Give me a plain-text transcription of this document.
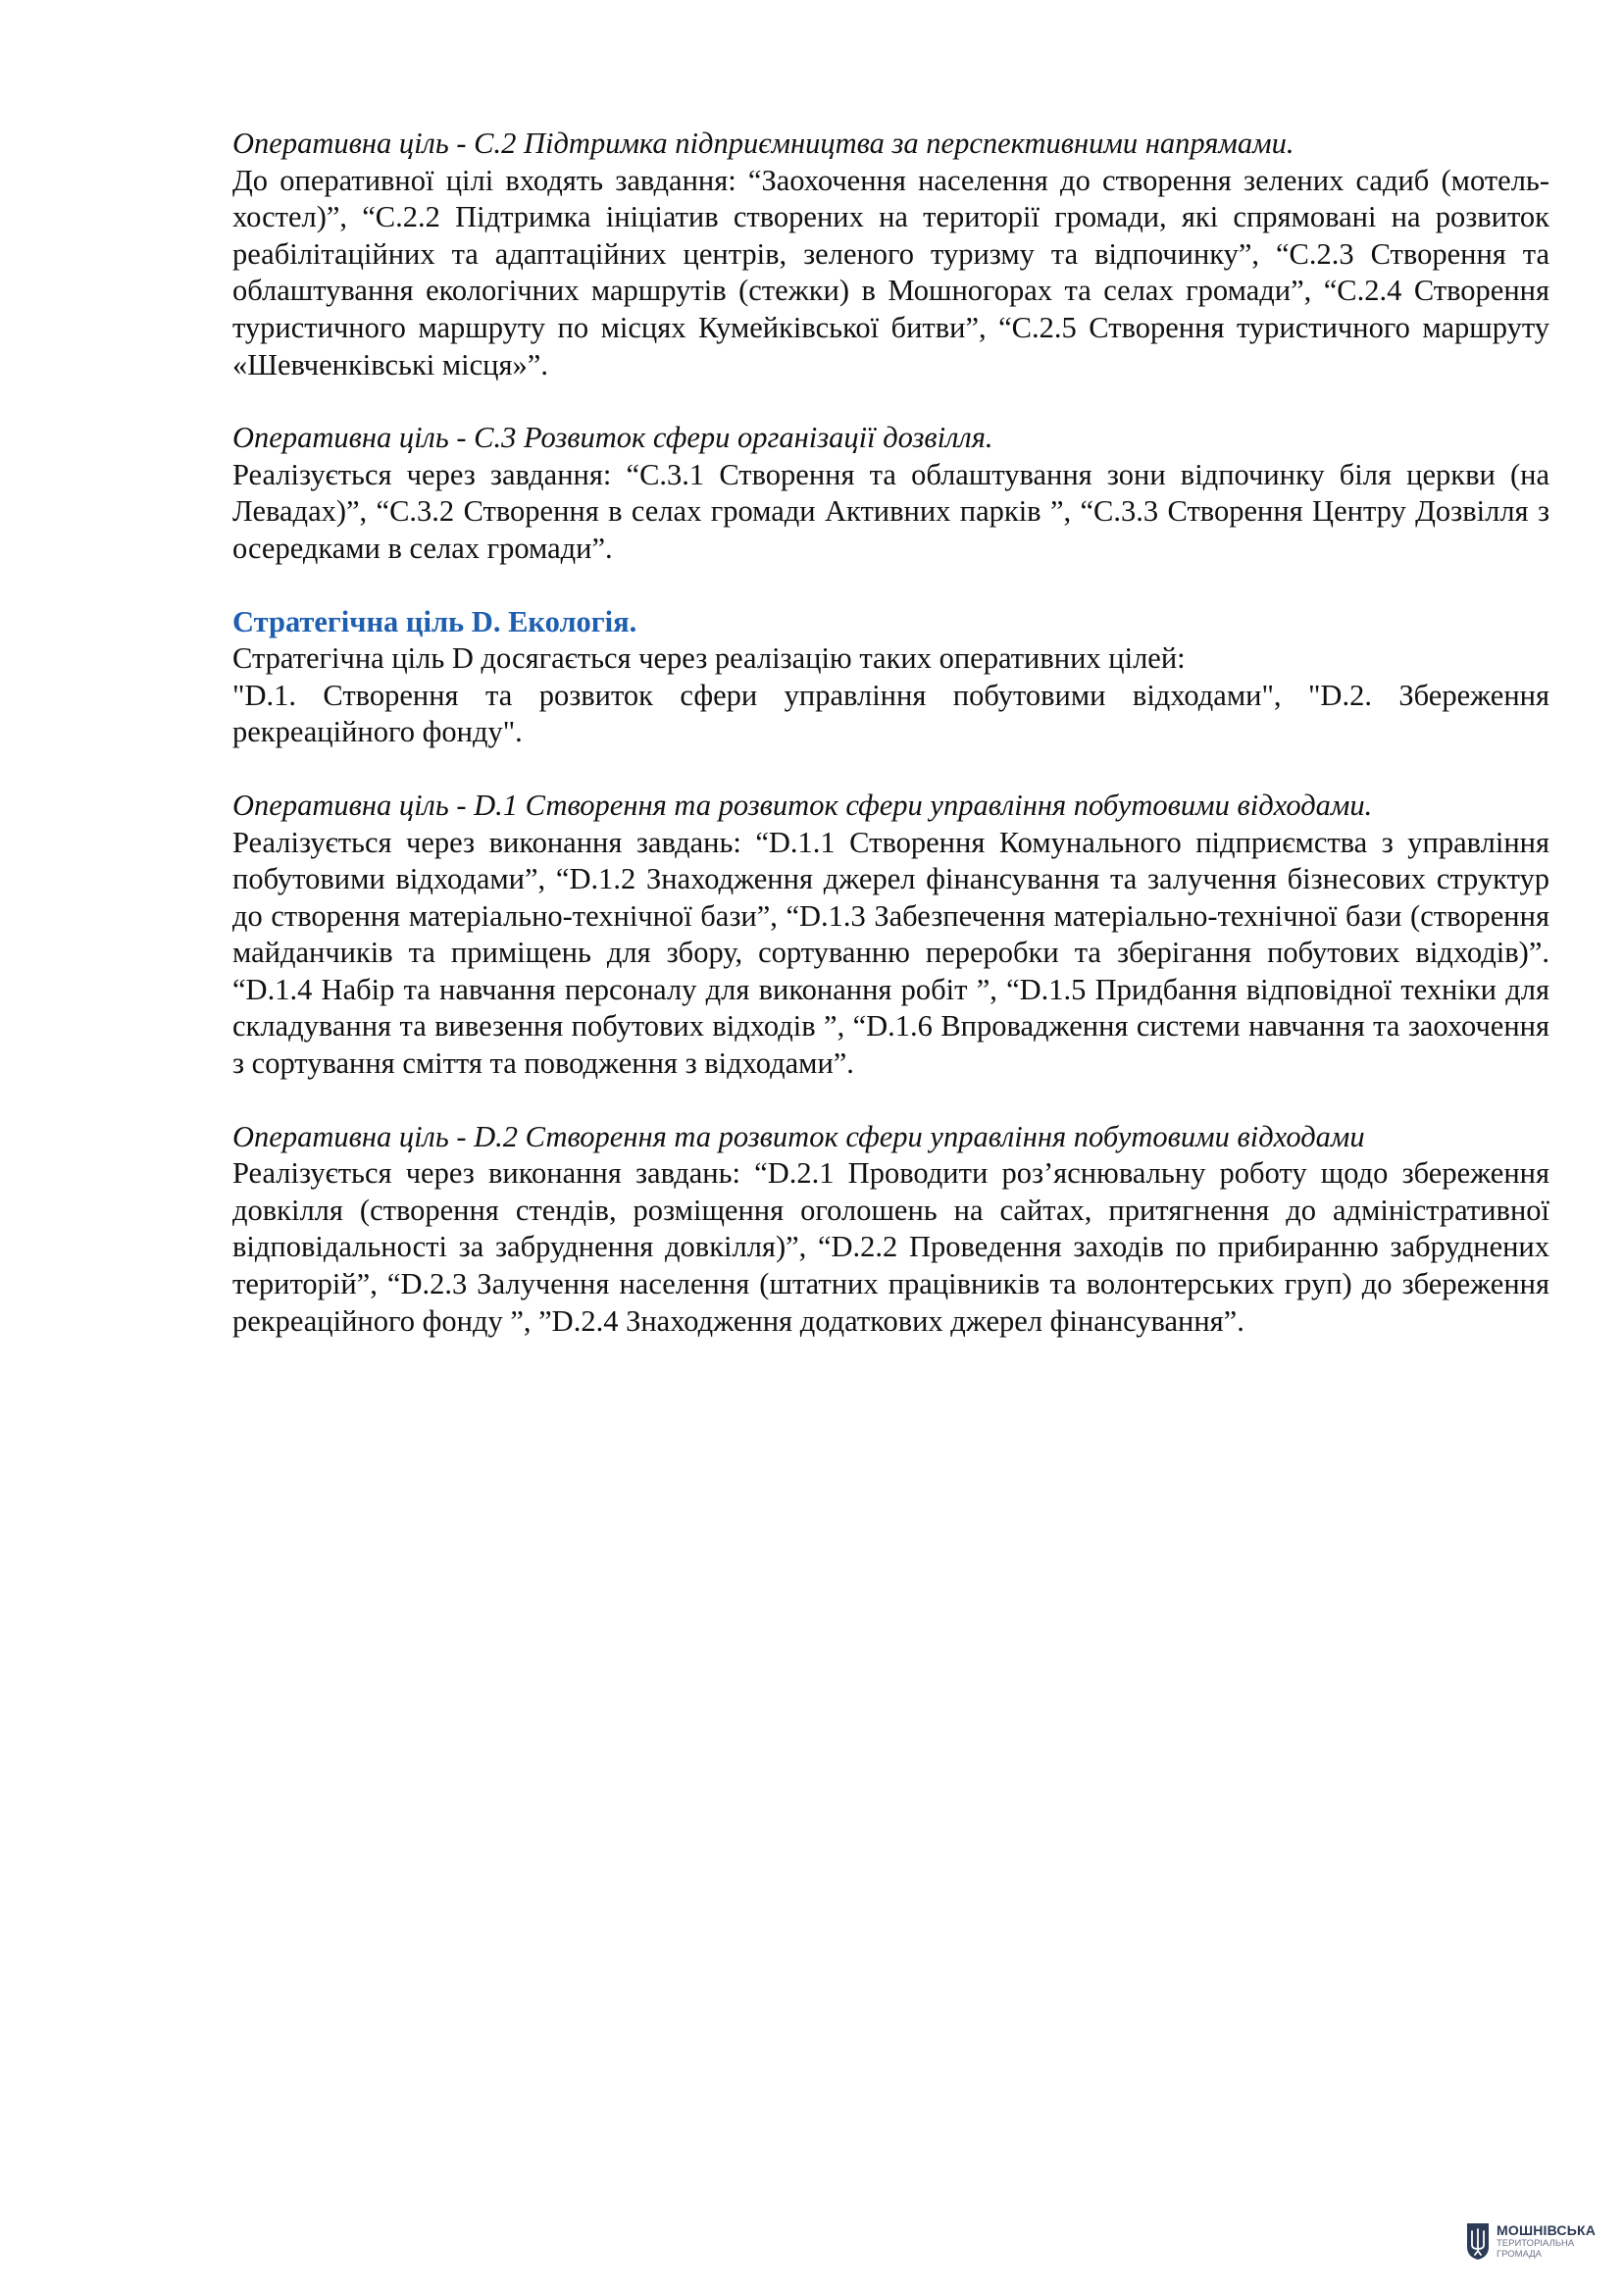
Оперативна ціль - С.2 Підтримка підприємництва за перспективними напрямами.

До оперативної цілі входять завдання: “Заохочення населення до створення зелених садиб (мотель-хостел)”, “С.2.2 Підтримка ініціатив створених на території громади, які спрямовані на розвиток реабілітаційних та адаптаційних центрів, зеленого туризму та відпочинку”, “С.2.3 Створення та облаштування екологічних маршрутів (стежки) в Мошногорах та селах громади”, “С.2.4 Створення туристичного маршруту по місцях Кумейківської битви”, “С.2.5 Створення туристичного маршруту «Шевченківські місця»”.

Оперативна ціль - С.3 Розвиток сфери організації дозвілля.

Реалізується через завдання: “С.3.1 Створення та облаштування зони відпочинку біля церкви (на Левадах)”, “С.3.2 Створення в селах громади Активних парків ”, “С.3.3 Створення Центру Дозвілля з осередками в селах громади”.

Стратегічна ціль D. Екологія.

Стратегічна ціль D досягається через реалізацію таких оперативних цілей:

"D.1. Створення та розвиток сфери управління побутовими відходами", "D.2. Збереження рекреаційного фонду".

Оперативна ціль - D.1 Створення та розвиток сфери управління побутовими відходами.

Реалізується через виконання завдань: “D.1.1 Створення Комунального підприємства з управління побутовими відходами”, “D.1.2 Знаходження джерел фінансування та залучення бізнесових структур до створення матеріально-технічної бази”, “D.1.3 Забезпечення матеріально-технічної бази (створення майданчиків та приміщень для збору, сортуванню переробки та зберігання побутових відходів)”. “D.1.4 Набір та навчання персоналу для виконання робіт ”, “D.1.5 Придбання відповідної техніки для складування та вивезення побутових відходів ”, “D.1.6 Впровадження системи навчання та заохочення з сортування сміття та поводження з відходами”.

Оперативна ціль - D.2 Створення та розвиток сфери управління побутовими відходами

Реалізується через виконання завдань: “D.2.1 Проводити роз’яснювальну роботу щодо збереження довкілля (створення стендів, розміщення оголошень на сайтах, притягнення до адміністративної відповідальності за забруднення довкілля)”, “D.2.2 Проведення заходів по прибиранню забруднених територій”, “D.2.3 Залучення населення (штатних працівників та волонтерських груп) до збереження рекреаційного фонду ”, ”D.2.4 Знаходження додаткових джерел фінансування”.

МОШНІВСЬКА
ТЕРИТОРІАЛЬНА
ГРОМАДА
